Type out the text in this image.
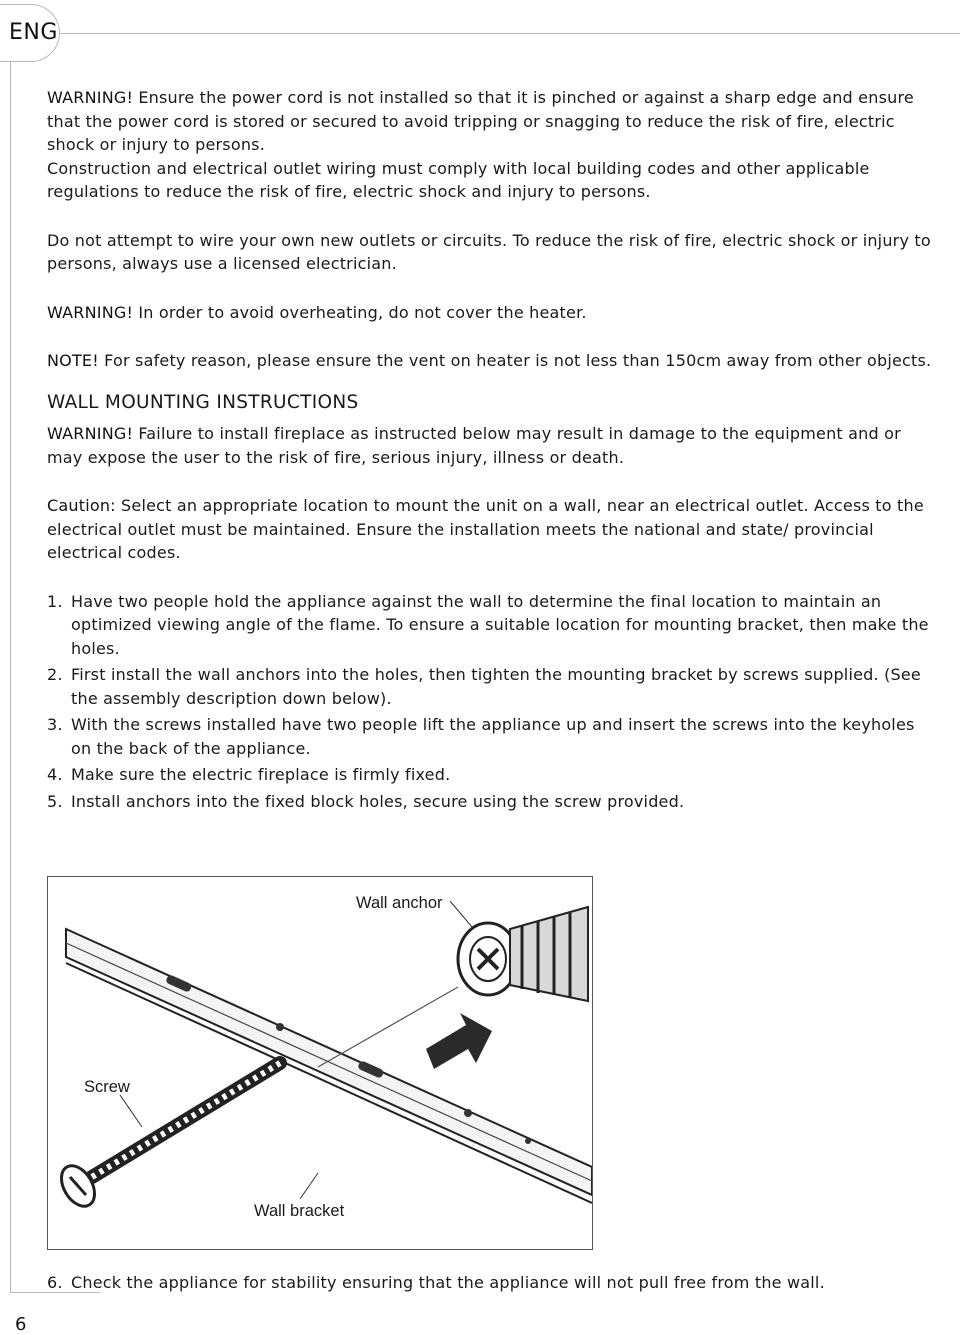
ENG
6

WARNING! Ensure the power cord is not installed so that it is pinched or against a sharp edge and ensure that the power cord is stored or secured to avoid tripping or snagging to reduce the risk of fire, electric shock or injury to persons.

Construction and electrical outlet wiring must comply with local building codes and other applicable regulations to reduce the risk of fire, electric shock and injury to persons.

Do not attempt to wire your own new outlets or circuits. To reduce the risk of fire, electric shock or injury to persons, always use a licensed electrician.

WARNING! In order to avoid overheating, do not cover the heater.

NOTE! For safety reason, please ensure the vent on heater is not less than 150cm away from other objects.

WALL MOUNTING INSTRUCTIONS

WARNING! Failure to install fireplace as instructed below may result in damage to the equipment and or may expose the user to the risk of fire, serious injury, illness or death.

Caution: Select an appropriate location to mount the unit on a wall, near an electrical outlet. Access to the electrical outlet must be maintained. Ensure the installation meets the national and state/ provincial electrical codes.

1. Have two people hold the appliance against the wall to determine the final location to maintain an optimized viewing angle of the flame. To ensure a suitable location for mounting bracket, then make the holes.
2. First install the wall anchors into the holes, then tighten the mounting bracket by screws supplied. (See the assembly description down below).
3. With the screws installed have two people lift the appliance up and insert the screws into the keyholes on the back of the appliance.
4. Make sure the electric fireplace is firmly fixed.
5. Install anchors into the fixed block holes, secure using the screw provided.
Wall anchor
Screw
Wall bracket
6. Check the appliance for stability ensuring that the appliance will not pull free from the wall.
